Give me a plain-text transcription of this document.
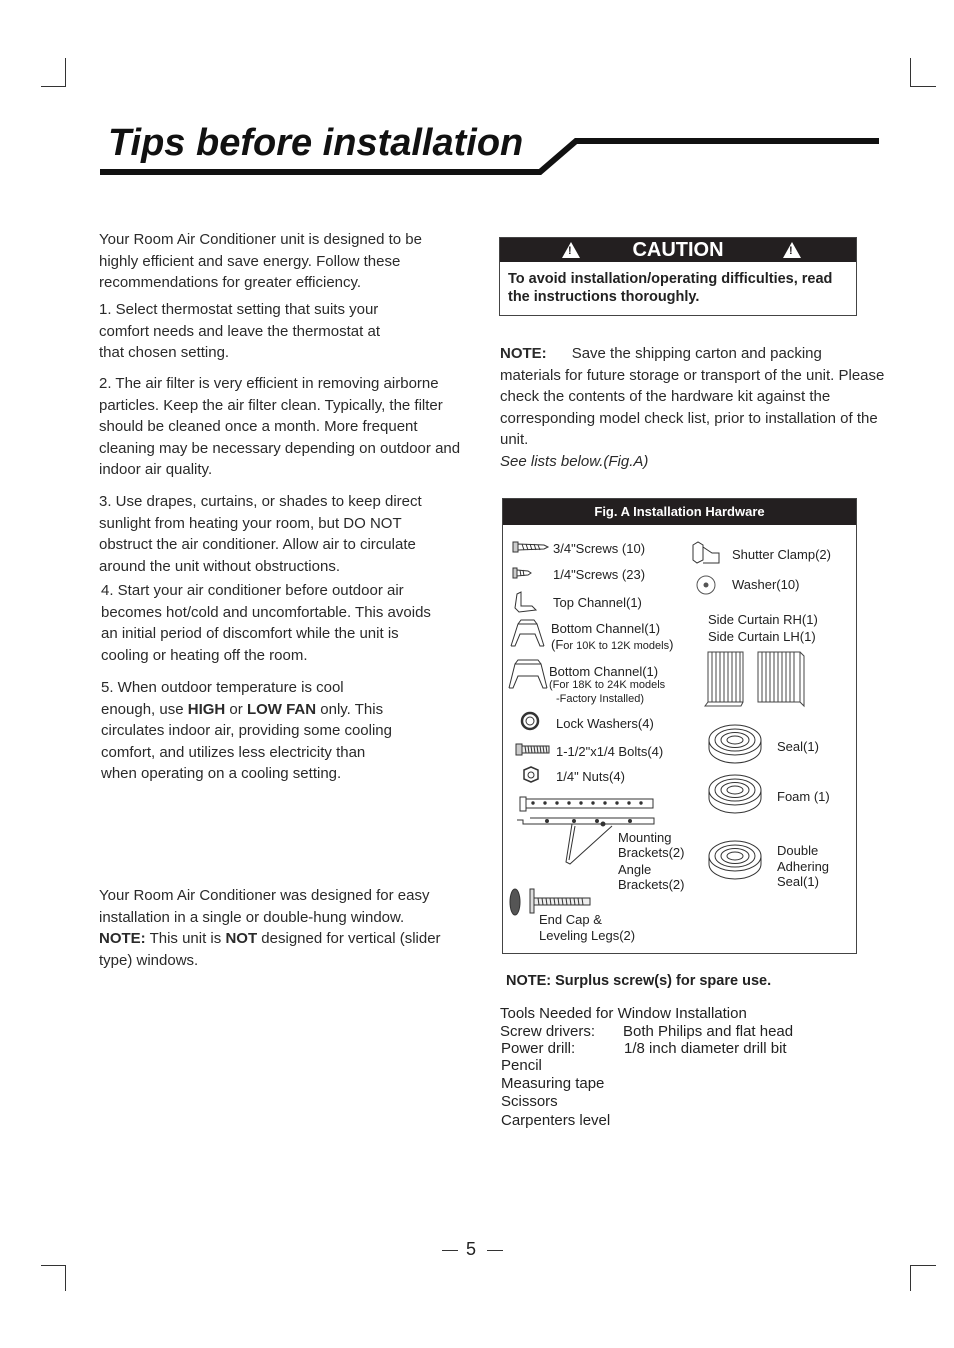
Tips before installation

Your Room Air Conditioner unit is designed to be highly efficient and save energy. Follow these recommendations for greater efficiency.

1. Select thermostat setting that suits your comfort needs and leave the thermostat at that chosen setting.

2. The air filter is very efficient in removing airborne particles. Keep the air filter clean. Typically, the filter should be cleaned once a month. More frequent cleaning may be necessary depending on outdoor and indoor air quality.

3. Use drapes, curtains, or shades to keep direct sunlight from heating your room, but DO NOT obstruct the air conditioner. Allow air to circulate around the unit without obstructions.

4. Start your air conditioner before outdoor air becomes hot/cold and uncomfortable. This avoids an initial period of discomfort while the unit is cooling or heating off the room.

5. When outdoor temperature is cool enough, use HIGH or LOW FAN only. This circulates indoor air, providing some cooling comfort, and utilizes less electricity than when operating on a cooling setting.

Your Room Air Conditioner was designed for easy installation in a single or double-hung window. NOTE: This unit is NOT designed for vertical (slider type) windows.

!	CAUTION	!
To avoid installation/operating difficulties, read the instructions thoroughly.

NOTE: Save the shipping carton and packing materials for future storage or transport of the unit. Please check the contents of the hardware kit against the corresponding model check list, prior to installation of the unit.
See lists below.(Fig.A)

Fig. A Installation Hardware
3/4"Screws (10)
1/4"Screws (23)
Top Channel(1)
Bottom Channel(1)
(For 10K to 12K models)
Bottom Channel(1)
(For 18K to 24K models
-Factory Installed)
Lock Washers(4)
1-1/2"x1/4 Bolts(4)
1/4" Nuts(4)
Mounting
Brackets(2)
Angle
Brackets(2)
End Cap &
Leveling Legs(2)
Shutter Clamp(2)
Washer(10)
Side Curtain RH(1)
Side Curtain LH(1)
Seal(1)
Foam (1)
Double
Adhering
Seal(1)
NOTE: Surplus screw(s) for spare use.
Tools Needed for Window Installation
Screw drivers: Both Philips and flat head
Power drill:	1/8 inch diameter drill bit
Pencil
Measuring tape
Scissors
Carpenters level
5
